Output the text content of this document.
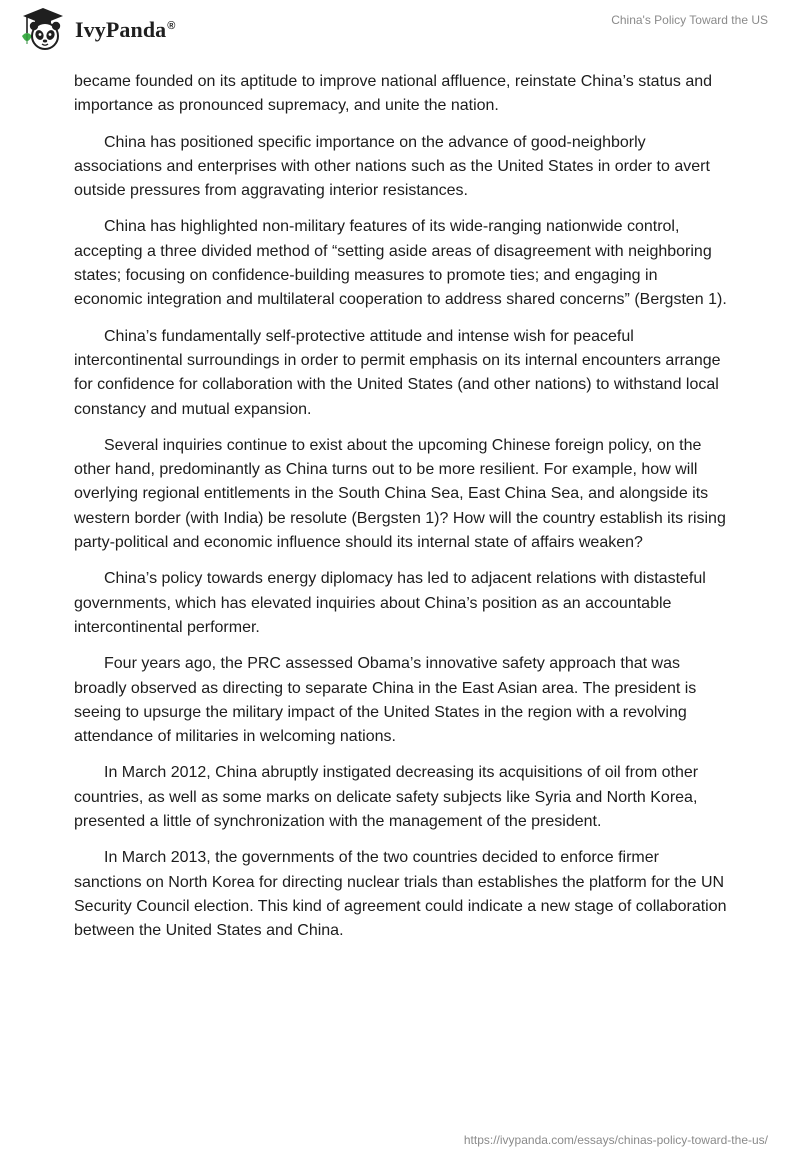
IvyPanda®	China's Policy Toward the US

became founded on its aptitude to improve national affluence, reinstate China’s status and importance as pronounced supremacy, and unite the nation.

China has positioned specific importance on the advance of good-neighborly associations and enterprises with other nations such as the United States in order to avert outside pressures from aggravating interior resistances.

China has highlighted non-military features of its wide-ranging nationwide control, accepting a three divided method of “setting aside areas of disagreement with neighboring states; focusing on confidence-building measures to promote ties; and engaging in economic integration and multilateral cooperation to address shared concerns” (Bergsten 1).

China’s fundamentally self-protective attitude and intense wish for peaceful intercontinental surroundings in order to permit emphasis on its internal encounters arrange for confidence for collaboration with the United States (and other nations) to withstand local constancy and mutual expansion.

Several inquiries continue to exist about the upcoming Chinese foreign policy, on the other hand, predominantly as China turns out to be more resilient. For example, how will overlying regional entitlements in the South China Sea, East China Sea, and alongside its western border (with India) be resolute (Bergsten 1)? How will the country establish its rising party-political and economic influence should its internal state of affairs weaken?

China’s policy towards energy diplomacy has led to adjacent relations with distasteful governments, which has elevated inquiries about China’s position as an accountable intercontinental performer.

Four years ago, the PRC assessed Obama’s innovative safety approach that was broadly observed as directing to separate China in the East Asian area. The president is seeing to upsurge the military impact of the United States in the region with a revolving attendance of militaries in welcoming nations.

In March 2012, China abruptly instigated decreasing its acquisitions of oil from other countries, as well as some marks on delicate safety subjects like Syria and North Korea, presented a little of synchronization with the management of the president.

In March 2013, the governments of the two countries decided to enforce firmer sanctions on North Korea for directing nuclear trials than establishes the platform for the UN Security Council election. This kind of agreement could indicate a new stage of collaboration between the United States and China.

https://ivypanda.com/essays/chinas-policy-toward-the-us/
